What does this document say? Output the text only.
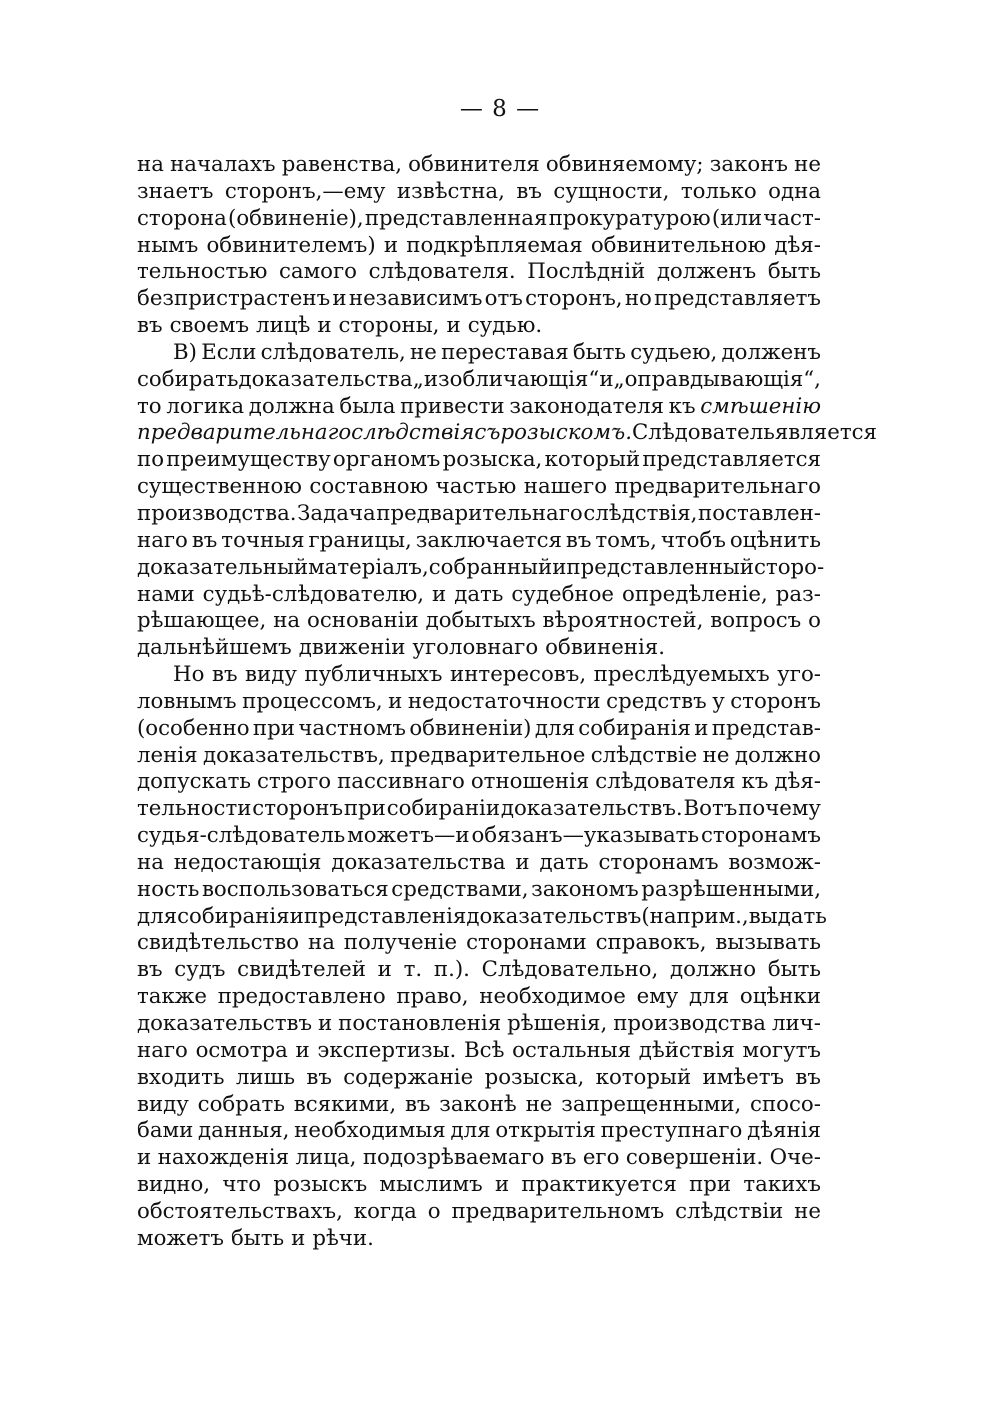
— 8 —
на началахъ равенства, обвинителя обвиняемому; законъ не
знаетъ сторонъ,—ему извѣстна, въ сущности, только одна
сторона (обвиненіе), представленная прокуратурою (или част-
нымъ обвинителемъ) и подкрѣпляемая обвинительною дѣя-
тельностью самого слѣдователя. Послѣдній долженъ быть
безпристрастенъ и независимъ отъ сторонъ, но представляетъ
въ своемъ лицѣ и стороны, и судью.
В) Если слѣдователь, не переставая быть судьею, долженъ
собирать доказательства „изобличающія“ и „оправдывающія“,
то логика должна была привести законодателя къ смѣшенію
предварительнаго слѣдствія съ розыскомъ. Слѣдователь является
по преимуществу органомъ розыска, который представляется
существенною составною частью нашего предварительнаго
производства. Задача предварительнаго слѣдствія, поставлен-
наго въ точныя границы, заключается въ томъ, чтобъ оцѣнить
доказательный матеріалъ, собранный и представленный сторо-
нами судьѣ-слѣдователю, и дать судебное опредѣленіе, раз-
рѣшающее, на основаніи добытыхъ вѣроятностей, вопросъ о
дальнѣйшемъ движеніи уголовнаго обвиненія.
Но въ виду публичныхъ интересовъ, преслѣдуемыхъ уго-
ловнымъ процессомъ, и недостаточности средствъ у сторонъ
(особенно при частномъ обвиненіи) для собиранія и представ-
ленія доказательствъ, предварительное слѣдствіе не должно
допускать строго пассивнаго отношенія слѣдователя къ дѣя-
тельности сторонъ при собираніи доказательствъ. Вотъ почему
судья-слѣдователь можетъ—и обязанъ—указывать сторонамъ
на недостающія доказательства и дать сторонамъ возмож-
ность воспользоваться средствами, закономъ разрѣшенными,
для собиранія и представленія доказательствъ (наприм., выдать
свидѣтельство на полученіе сторонами справокъ, вызывать
въ судъ свидѣтелей и т. п.). Слѣдовательно, должно быть
также предоставлено право, необходимое ему для оцѣнки
доказательствъ и постановленія рѣшенія, производства лич-
наго осмотра и экспертизы. Всѣ остальныя дѣйствія могутъ
входить лишь въ содержаніе розыска, который имѣетъ въ
виду собрать всякими, въ законѣ не запрещенными, спосо-
бами данныя, необходимыя для открытія преступнаго дѣянія
и нахожденія лица, подозрѣваемаго въ его совершеніи. Оче-
видно, что розыскъ мыслимъ и практикуется при такихъ
обстоятельствахъ, когда о предварительномъ слѣдствіи не
можетъ быть и рѣчи.
